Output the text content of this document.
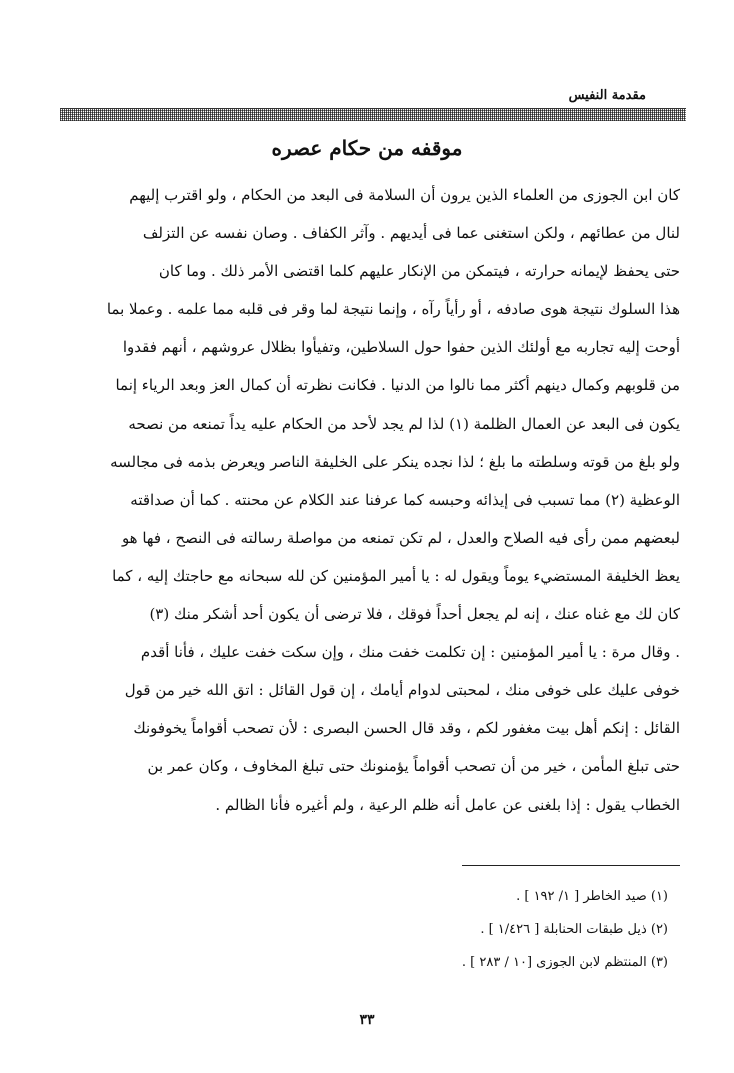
مقدمة النفيس
موقفه من حكام عصره

كان ابن الجوزى من العلماء الذين يرون أن السلامة فى البعد من الحكام ، ولو اقترب إليهم

لنال من عطائهم ، ولكن استغنى عما فى أيديهم . وآثر الكفاف . وصان نفسه عن التزلف

حتى يحفظ لإيمانه حرارته ، فيتمكن من الإنكار عليهم كلما اقتضى الأمر ذلك . وما كان

هذا السلوك نتيجة هوى صادفه ، أو رأياً رآه ، وإنما نتيجة لما وقر فى قلبه مما علمه . وعملا بما

أوحت إليه تجاربه مع أولئك الذين حفوا حول السلاطين، وتفيأوا بظلال عروشهم ، أنهم فقدوا

من قلوبهم وكمال دينهم أكثر مما نالوا من الدنيا . فكانت نظرته أن كمال العز وبعد الرياء إنما

يكون فى البعد عن العمال الظلمة (١) لذا لم يجد لأحد من الحكام عليه يداً تمنعه من نصحه

ولو بلغ من قوته وسلطته ما بلغ ؛ لذا نجده ينكر على الخليفة الناصر ويعرض بذمه فى مجالسه

الوعظية (٢) مما تسبب فى إيذائه وحبسه كما عرفنا عند الكلام عن محنته . كما أن صداقته

لبعضهم ممن رأى فيه الصلاح والعدل ، لم تكن تمنعه من مواصلة رسالته فى النصح ، فها هو

يعظ الخليفة المستضيء يوماً ويقول له : يا أمير المؤمنين كن لله سبحانه مع حاجتك إليه ، كما

كان لك مع غناه عنك ، إنه لم يجعل أحداً فوقك ، فلا ترضى أن يكون أحد أشكر منك (٣)

. وقال مرة : يا أمير المؤمنين : إن تكلمت خفت منك ، وإن سكت خفت عليك ، فأنا أقدم

خوفى عليك على خوفى منك ، لمحبتى لدوام أيامك ، إن قول القائل : اتق الله خير من قول

القائل : إنكم أهل بيت مغفور لكم ، وقد قال الحسن البصرى : لأن تصحب أقواماً يخوفونك

حتى تبلغ المأمن ، خير من أن تصحب أقواماً يؤمنونك حتى تبلغ المخاوف ، وكان عمر بن

الخطاب يقول : إذا بلغنى عن عامل أنه ظلم الرعية ، ولم أغيره فأنا الظالم .

(١) صيد الخاطر [ ١/ ١٩٢ ] .

(٢) ذيل طبقات الحنابلة [ ١/٤٢٦ ] .

(٣) المنتظم لابن الجوزى [١٠ / ٢٨٣ ] .

٣٣
